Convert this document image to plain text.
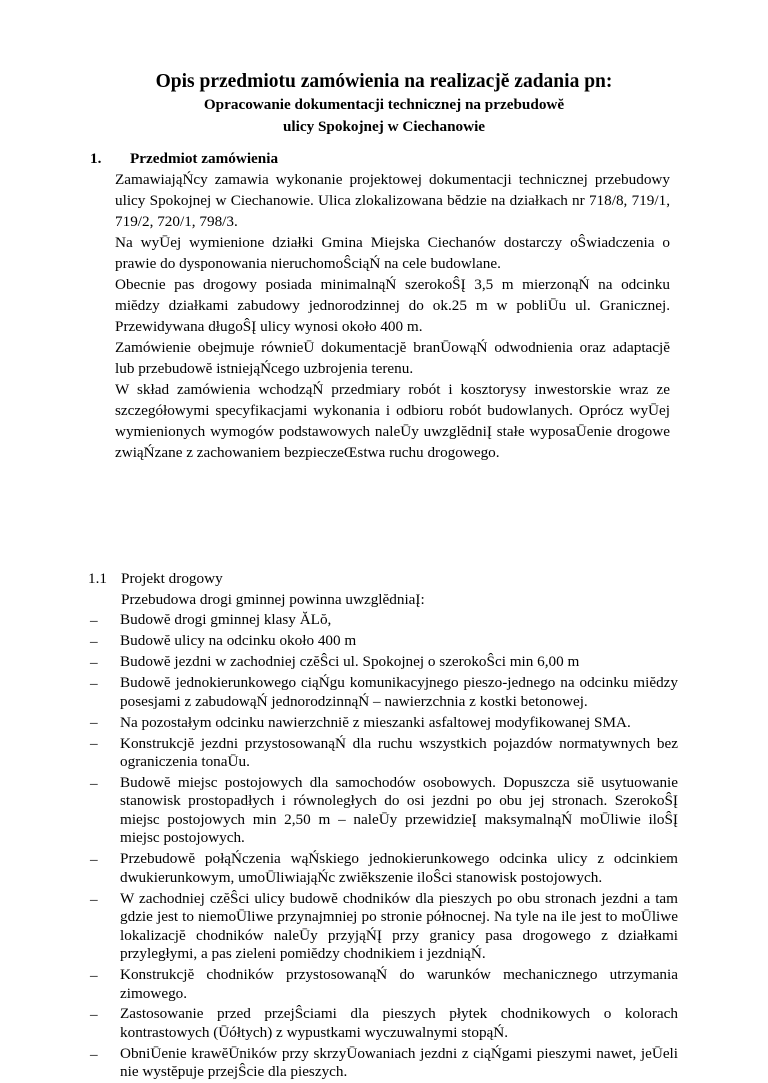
Opis przedmiotu zamówienia na realizacjĕ zadania pn:
Opracowanie dokumentacji technicznej na przebudowĕ
ulicy Spokojnej w Ciechanowie
1. Przedmiot zamówienia

ZamawiająŃcy zamawia wykonanie projektowej dokumentacji technicznej przebudowy ulicy Spokojnej w Ciechanowie. Ulica zlokalizowana bĕdzie na działkach nr 718/8, 719/1, 719/2, 720/1, 798/3.

Na wyŪej wymienione działki Gmina Miejska Ciechanów dostarczy oŜwiadczenia o prawie do dysponowania nieruchomoŜciąŃ na cele budowlane.

Obecnie pas drogowy posiada minimalnąŃ szerokoŜĮ 3,5 m mierzonąŃ na odcinku miĕdzy działkami zabudowy jednorodzinnej do ok.25 m w pobliŪu ul. Granicznej. Przewidywana długoŜĮ ulicy wynosi około 400 m.

Zamówienie obejmuje równieŪ dokumentacjĕ branŪowąŃ odwodnienia oraz adaptacjĕ lub przebudowĕ istniejąŃcego uzbrojenia terenu.

W skład zamówienia wchodząŃ przedmiary robót i kosztorysy inwestorskie wraz ze szczegółowymi specyfikacjami wykonania i odbioru robót budowlanych. Oprócz wyŪej wymienionych wymogów podstawowych naleŪy uwzglĕdniĮ stałe wyposaŪenie drogowe zwiąŃzane z zachowaniem bezpieczeŒstwa ruchu drogowego.

1.1 Projekt drogowy
Przebudowa drogi gminnej powinna uwzglĕdniaĮ:
–	Budowĕ drogi gminnej klasy ĂLŏ,
–	Budowĕ ulicy na odcinku około 400 m
–	Budowĕ jezdni w zachodniej czĕŜci ul. Spokojnej o szerokoŜci min 6,00 m
–	Budowĕ jednokierunkowego ciąŃgu komunikacyjnego pieszo-jednego na odcinku miĕdzy posesjami z zabudowąŃ jednorodzinnąŃ – nawierzchnia z kostki betonowej.
–	Na pozostałym odcinku nawierzchniĕ z mieszanki asfaltowej modyfikowanej SMA.
–	Konstrukcjĕ jezdni przystosowanąŃ dla ruchu wszystkich pojazdów normatywnych bez ograniczenia tonaŪu.
–	Budowĕ miejsc postojowych dla samochodów osobowych. Dopuszcza siĕ usytuowanie stanowisk prostopadłych i równoległych do osi jezdni po obu jej stronach. SzerokoŜĮ miejsc postojowych min 2,50 m – naleŪy przewidzieĮ maksymalnąŃ moŪliwie iloŜĮ miejsc postojowych.
–	Przebudowĕ połąŃczenia wąŃskiego jednokierunkowego odcinka ulicy z odcinkiem dwukierunkowym, umoŪliwiająŃc zwiĕkszenie iloŜci stanowisk postojowych.
–	W zachodniej czĕŜci ulicy budowĕ chodników dla pieszych po obu stronach jezdni a tam gdzie jest to niemoŪliwe przynajmniej po stronie północnej. Na tyle na ile jest to moŪliwe lokalizacjĕ chodników naleŪy przyjąŃĮ przy granicy pasa drogowego z działkami przyległymi, a pas zieleni pomiĕdzy chodnikiem i jezdniąŃ.
–	Konstrukcjĕ chodników przystosowanąŃ do warunków mechanicznego utrzymania zimowego.
–	Zastosowanie przed przejŜciami dla pieszych płytek chodnikowych o kolorach kontrastowych (Ūółtych) z wypustkami wyczuwalnymi stopąŃ.
–	ObniŪenie krawĕŪników przy skrzyŪowaniach jezdni z ciąŃgami pieszymi nawet, jeŪeli nie wystĕpuje przejŜcie dla pieszych.
